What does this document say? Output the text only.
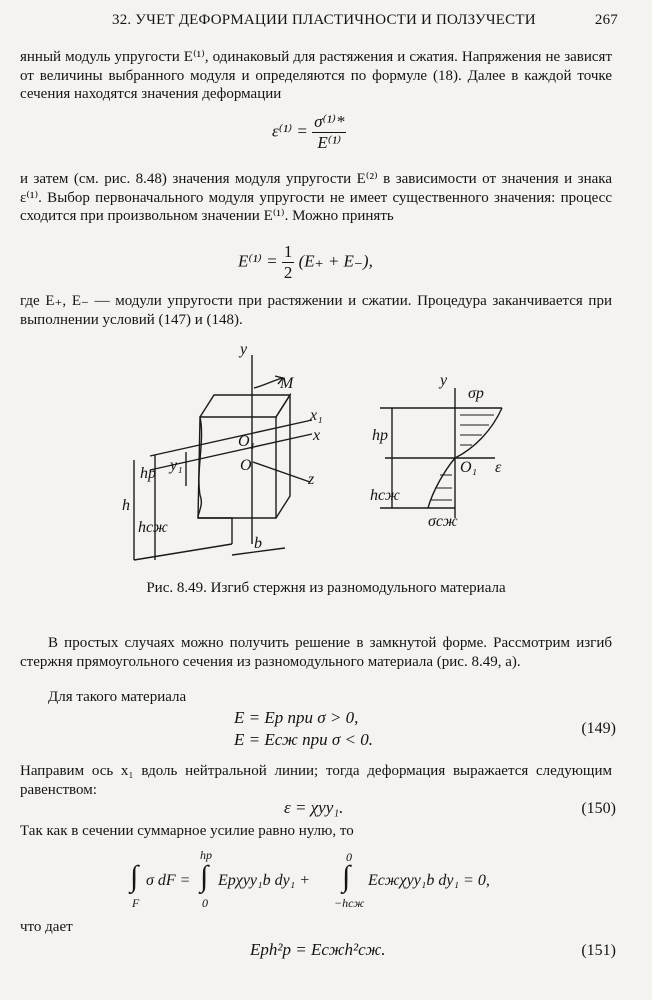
32. УЧЕТ ДЕФОРМАЦИИ ПЛАСТИЧНОСТИ И ПОЛЗУЧЕСТИ	267
янный модуль упругости E⁽¹⁾, одинаковый для растяжения и сжатия. Напряжения не зависят от величины выбранного модуля и определяются по формуле (18). Далее в каждой точке сечения находятся значения деформации
$\varepsilon^{(1)} = \frac{\text{σ⁽¹⁾*}}{\text{E⁽¹⁾}}$
и затем (см. рис. 8.48) значения модуля упругости E⁽²⁾ в зависимости от значения и знака ε⁽¹⁾. Выбор первоначального модуля упругости не имеет существенного значения: процесс сходится при произвольном значении E⁽¹⁾. Можно принять
$E^{(1)} = \frac{1}{2} (E_+ + E_-)$,
где E₊, E₋ — модули упругости при растяжении и сжатии. Процедура заканчивается при выполнении условий (147) и (148).
y
M
x₁
x
O₁
O
z
h
hр
hсж
y₁
b
y
σр
hр
O₁ ε
hсж
σсж
Рис. 8.49. Изгиб стержня из разномодульного материала
В простых случаях можно получить решение в замкнутой форме. Рассмотрим изгиб стержня прямоугольного сечения из разномодульного материала (рис. 8.49, а).
Для такого материала
E = Eр при σ > 0,
E = Eсж при σ < 0.
(149)
Направим ось x₁ вдоль нейтральной линии; тогда деформация выражается следующим равенством:
ε = χyy₁.	(150)
Так как в сечении суммарное усилие равно нулю, то
∫
F
σ dF =
hр
∫
0
Eрχyy₁b dy₁ +
0
∫
−hсж
Eсжχyy₁b dy₁ = 0,
что дает
Eрh²р = Eсжh²сж.	(151)
